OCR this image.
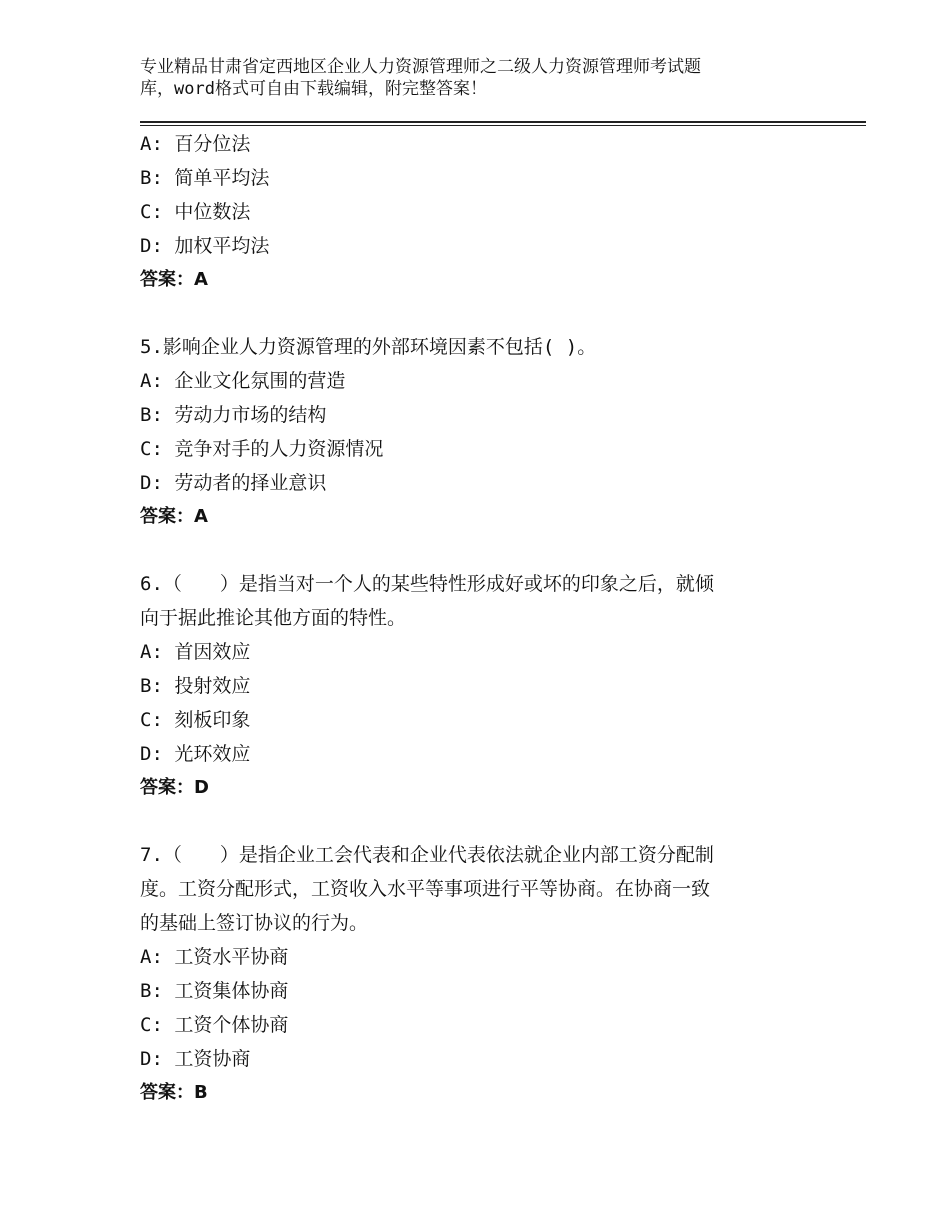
专业精品甘肃省定西地区企业人力资源管理师之二级人力资源管理师考试题
库，word格式可自由下载编辑，附完整答案！
A: 百分位法
B: 简单平均法
C: 中位数法
D: 加权平均法
答案：A
5.影响企业人力资源管理的外部环境因素不包括( )。
A: 企业文化氛围的营造
B: 劳动力市场的结构
C: 竞争对手的人力资源情况
D: 劳动者的择业意识
答案：A
6.（　　）是指当对一个人的某些特性形成好或坏的印象之后，就倾
向于据此推论其他方面的特性。
A: 首因效应
B: 投射效应
C: 刻板印象
D: 光环效应
答案：D
7.（　　）是指企业工会代表和企业代表依法就企业内部工资分配制
度。工资分配形式，工资收入水平等事项进行平等协商。在协商一致
的基础上签订协议的行为。
A: 工资水平协商
B: 工资集体协商
C: 工资个体协商
D: 工资协商
答案：B
